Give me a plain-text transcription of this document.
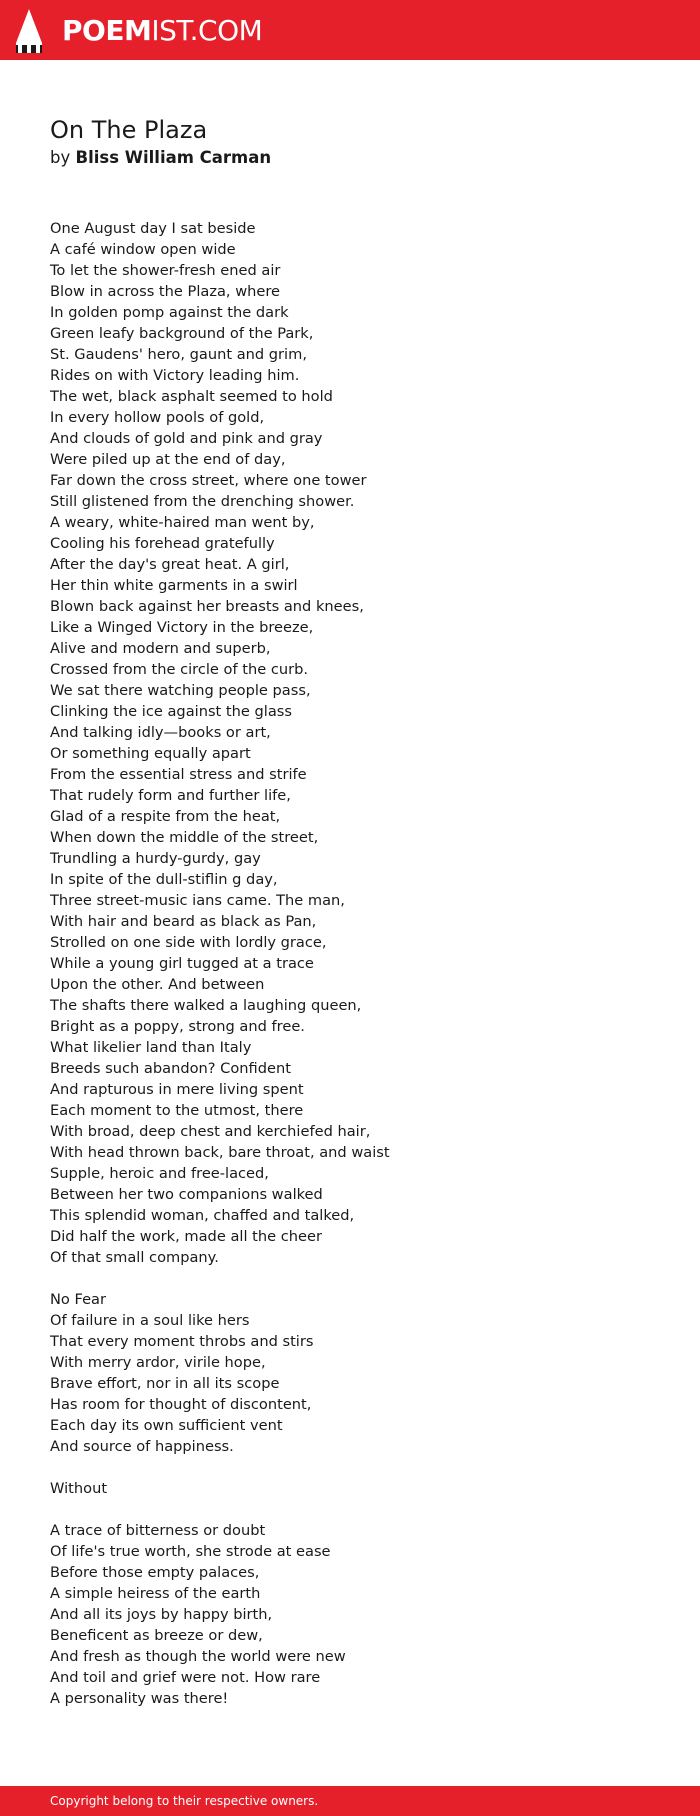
POEMIST.COM
On The Plaza
by Bliss William Carman
One August day I sat beside
A café window open wide
To let the shower-fresh ened air
Blow in across the Plaza, where
In golden pomp against the dark
Green leafy background of the Park,
St. Gaudens' hero, gaunt and grim,
Rides on with Victory leading him.
The wet, black asphalt seemed to hold
In every hollow pools of gold,
And clouds of gold and pink and gray
Were piled up at the end of day,
Far down the cross street, where one tower
Still glistened from the drenching shower.
A weary, white-haired man went by,
Cooling his forehead gratefully
After the day's great heat. A girl,
Her thin white garments in a swirl
Blown back against her breasts and knees,
Like a Winged Victory in the breeze,
Alive and modern and superb,
Crossed from the circle of the curb.
We sat there watching people pass,
Clinking the ice against the glass
And talking idly—books or art,
Or something equally apart
From the essential stress and strife
That rudely form and further life,
Glad of a respite from the heat,
When down the middle of the street,
Trundling a hurdy-gurdy, gay
In spite of the dull-stiflin g day,
Three street-music ians came. The man,
With hair and beard as black as Pan,
Strolled on one side with lordly grace,
While a young girl tugged at a trace
Upon the other. And between
The shafts there walked a laughing queen,
Bright as a poppy, strong and free.
What likelier land than Italy
Breeds such abandon? Confident
And rapturous in mere living spent
Each moment to the utmost, there
With broad, deep chest and kerchiefed hair,
With head thrown back, bare throat, and waist
Supple, heroic and free-laced,
Between her two companions walked
This splendid woman, chaffed and talked,
Did half the work, made all the cheer
Of that small company.

No Fear
Of failure in a soul like hers
That every moment throbs and stirs
With merry ardor, virile hope,
Brave effort, nor in all its scope
Has room for thought of discontent,
Each day its own sufficient vent
And source of happiness.

Without

A trace of bitterness or doubt
Of life's true worth, she strode at ease
Before those empty palaces,
A simple heiress of the earth
And all its joys by happy birth,
Beneficent as breeze or dew,
And fresh as though the world were new
And toil and grief were not. How rare
A personality was there!
Copyright belong to their respective owners.
